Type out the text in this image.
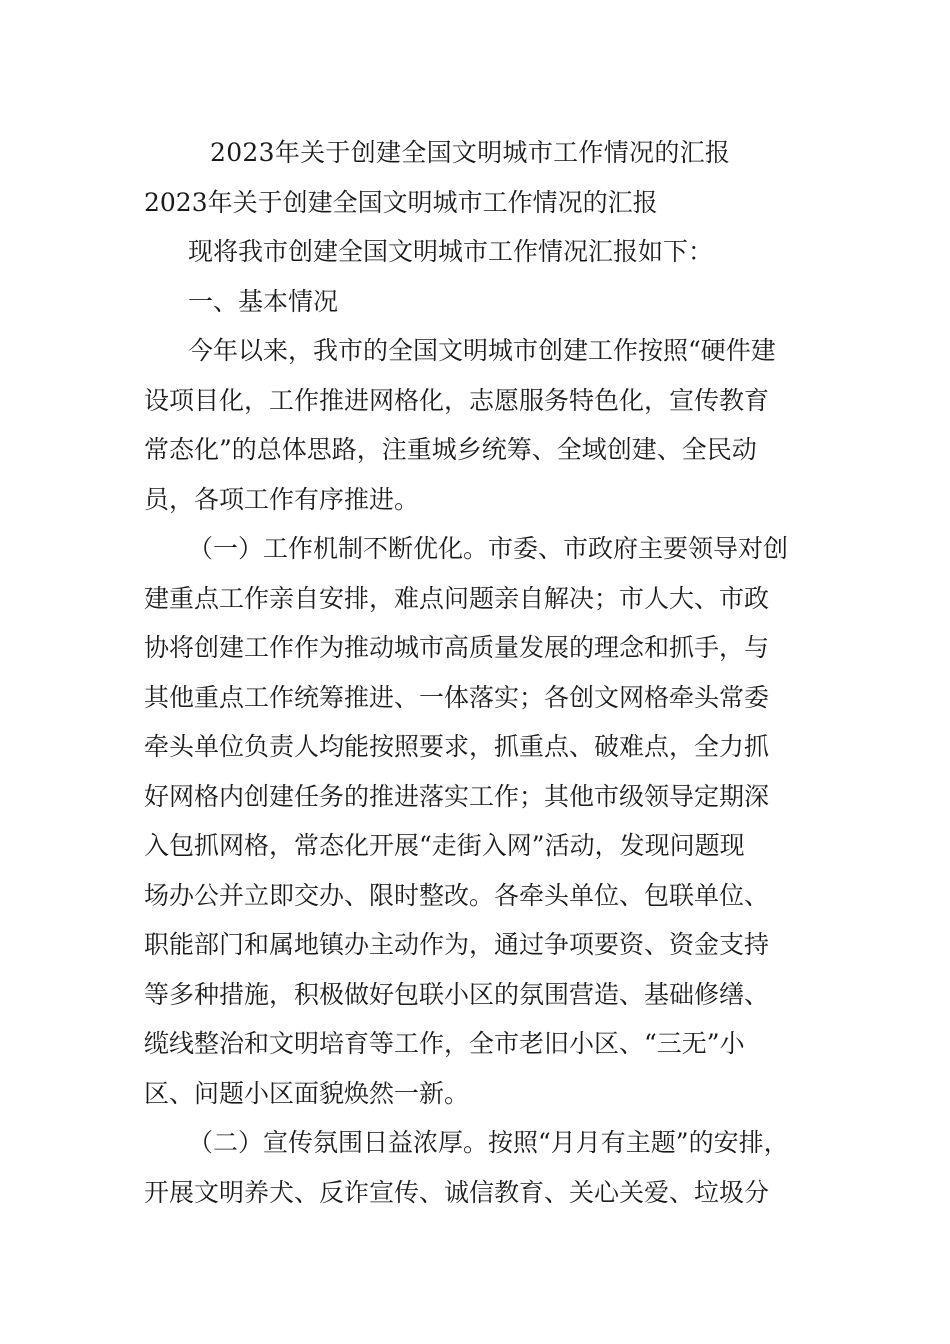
2023年关于创建全国文明城市工作情况的汇报
2023年关于创建全国文明城市工作情况的汇报
现将我市创建全国文明城市工作情况汇报如下：
一、基本情况
今年以来，我市的全国文明城市创建工作按照“硬件建
设项目化，工作推进网格化，志愿服务特色化，宣传教育
常态化”的总体思路，注重城乡统筹、全域创建、全民动
员，各项工作有序推进。
（一）工作机制不断优化。市委、市政府主要领导对创
建重点工作亲自安排，难点问题亲自解决；市人大、市政
协将创建工作作为推动城市高质量发展的理念和抓手，与
其他重点工作统筹推进、一体落实；各创文网格牵头常委
牵头单位负责人均能按照要求，抓重点、破难点，全力抓
好网格内创建任务的推进落实工作；其他市级领导定期深
入包抓网格，常态化开展“走街入网”活动，发现问题现
场办公并立即交办、限时整改。各牵头单位、包联单位、
职能部门和属地镇办主动作为，通过争项要资、资金支持
等多种措施，积极做好包联小区的氛围营造、基础修缮、
缆线整治和文明培育等工作，全市老旧小区、“三无”小
区、问题小区面貌焕然一新。
（二）宣传氛围日益浓厚。按照“月月有主题”的安排，
开展文明养犬、反诈宣传、诚信教育、关心关爱、垃圾分
